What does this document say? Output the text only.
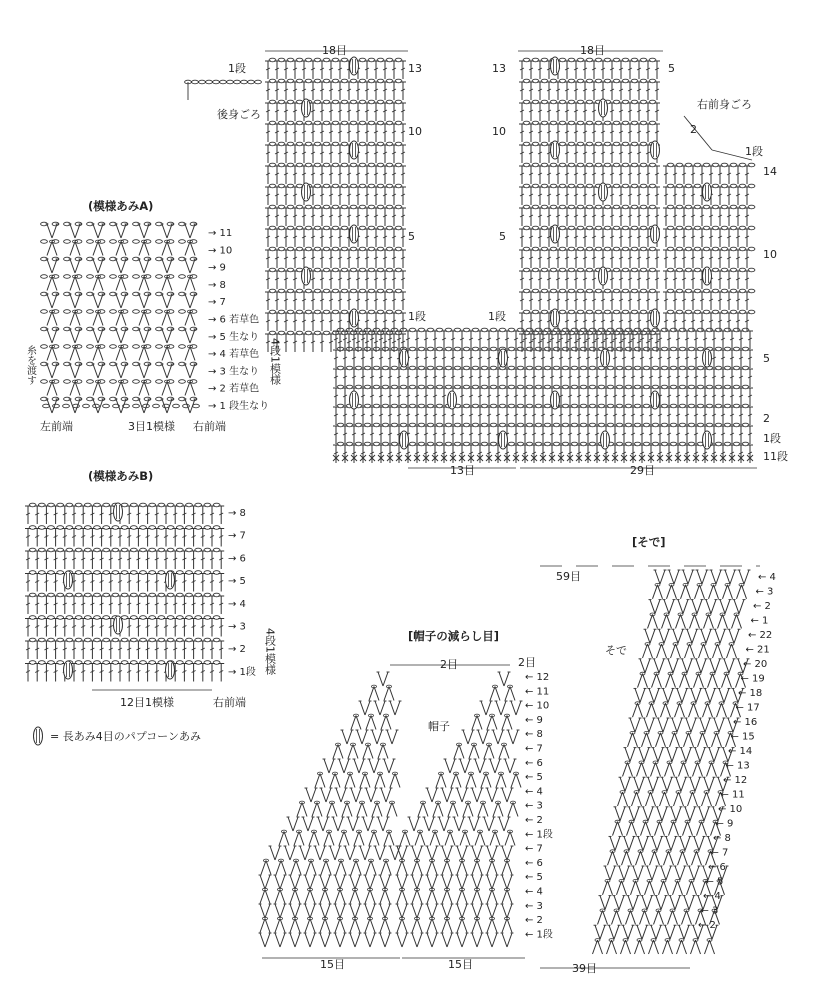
18目	18目
1段	13
後身ごろ
10
5
1段
13
10
5
1段
5
右前身ごろ
2
1段
14
10
5
2
1段
11段
13目	29目
(模様あみA)
→ 11
→ 10
→ 9
→ 8
→ 7
→ 6 若草色
→ 5 生なり
→ 4 若草色
→ 3 生なり
→ 2 若草色
→ 1 段生なり
糸を渡す	4段1模様
左前端	3目1模様 右前端
(模様あみB)
→ 8
→ 7
→ 6
→ 5
→ 4
→ 3
→ 2
→ 1段 4段1模様
12目1模様	右前端
= 長あみ4目のパプコーンあみ
[帽子の減らし目]
2目	2目
帽子
← 12
← 11
← 10
← 9
← 8
← 7
← 6
← 5
← 4
← 3
← 2
← 1段
← 7
← 6
← 5
← 4
← 3
← 2
← 1段
15目	15目
[そで]
59目
そで
← 4
← 3
← 2
← 1
← 22
← 21
← 20
← 19
← 18
← 17
← 16
← 15
← 14
← 13
← 12
← 11
← 10
← 9
← 8
← 7
← 6
← 5
← 4
← 3
← 2
39目
